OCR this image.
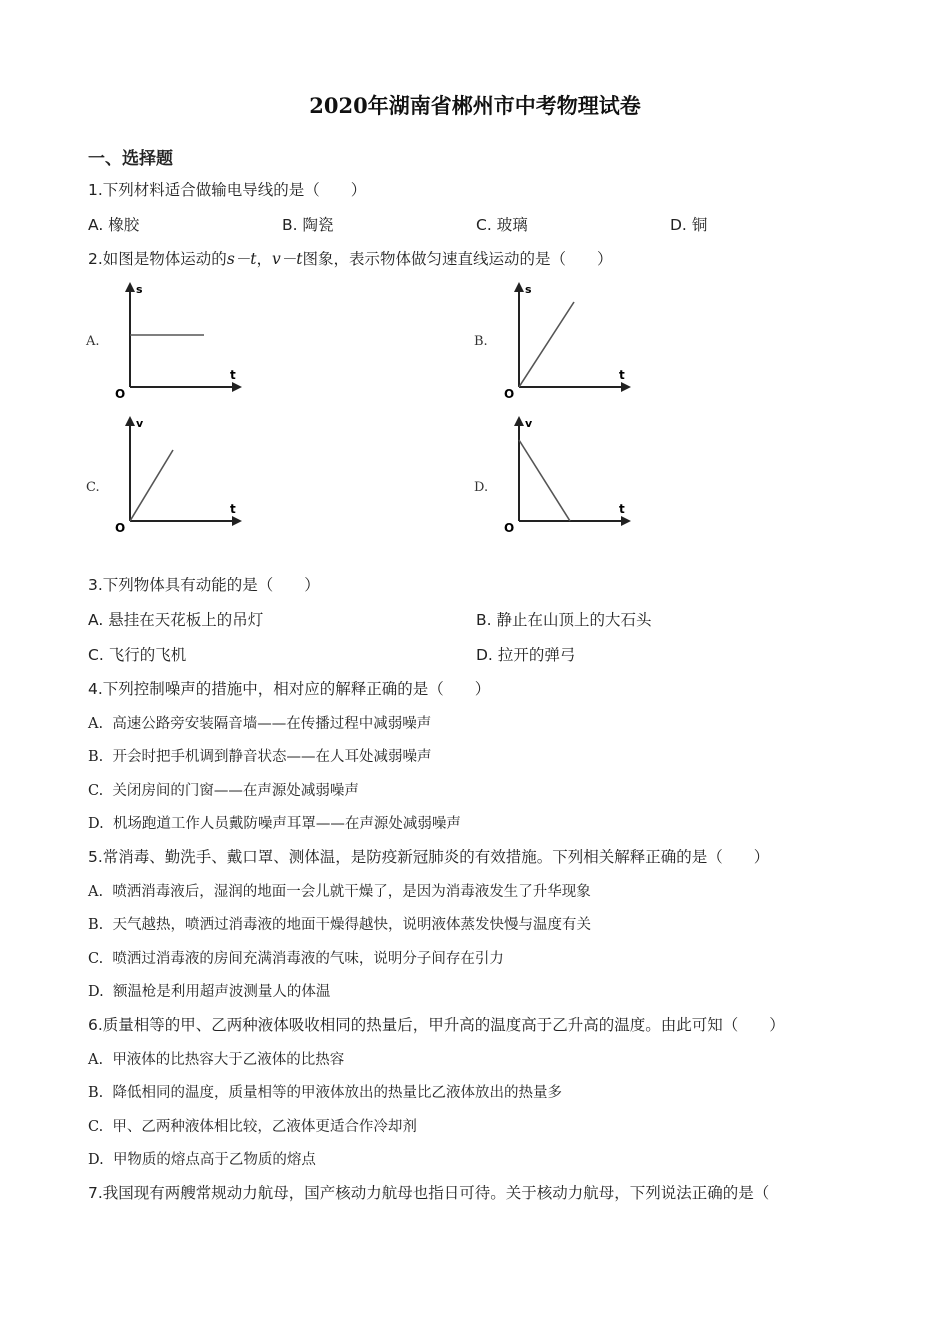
2020年湖南省郴州市中考物理试卷
一、选择题
1.下列材料适合做输电导线的是（　　）
A. 橡胶	B. 陶瓷	C. 玻璃	D. 铜
2.如图是物体运动的s－t，v－t图象，表示物体做匀速直线运动的是（　　）
A.
s
t
O
B.
s
t
O
C.
v
t
O
D.
v
t
O
3.下列物体具有动能的是（　　）
A. 悬挂在天花板上的吊灯	B. 静止在山顶上的大石头
C. 飞行的飞机	D. 拉开的弹弓
4.下列控制噪声的措施中，相对应的解释正确的是（　　）
A. 高速公路旁安装隔音墙——在传播过程中减弱噪声
B. 开会时把手机调到静音状态——在人耳处减弱噪声
C. 关闭房间的门窗——在声源处减弱噪声
D. 机场跑道工作人员戴防噪声耳罩——在声源处减弱噪声
5.常消毒、勤洗手、戴口罩、测体温，是防疫新冠肺炎的有效措施。下列相关解释正确的是（　　）
A. 喷洒消毒液后，湿润的地面一会儿就干燥了，是因为消毒液发生了升华现象
B. 天气越热，喷洒过消毒液的地面干燥得越快，说明液体蒸发快慢与温度有关
C. 喷洒过消毒液的房间充满消毒液的气味，说明分子间存在引力
D. 额温枪是利用超声波测量人的体温
6.质量相等的甲、乙两种液体吸收相同的热量后，甲升高的温度高于乙升高的温度。由此可知（　　）
A. 甲液体的比热容大于乙液体的比热容
B. 降低相同的温度，质量相等的甲液体放出的热量比乙液体放出的热量多
C. 甲、乙两种液体相比较，乙液体更适合作冷却剂
D. 甲物质的熔点高于乙物质的熔点
7.我国现有两艘常规动力航母，国产核动力航母也指日可待。关于核动力航母，下列说法正确的是（
